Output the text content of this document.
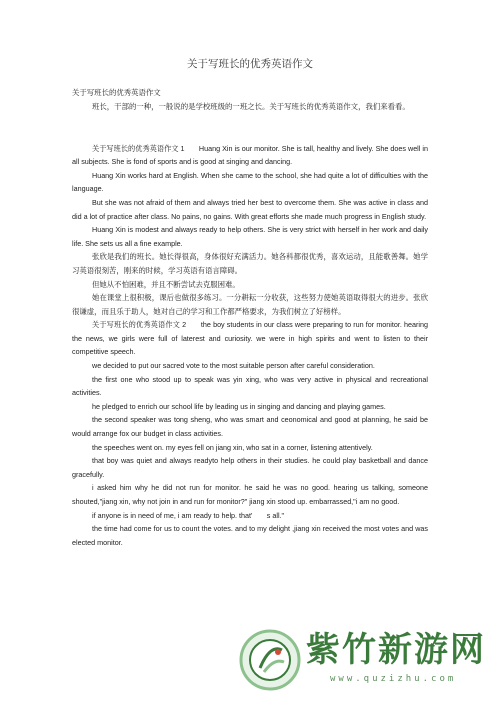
关于写班长的优秀英语作文

关于写班长的优秀英语作文

班长，干部的一种，一般说的是学校班级的一班之长。关于写班长的优秀英语作文，我们来看看。

关于写班长的优秀英语作文 1　　Huang Xin is our monitor. She is tall, healthy and lively. She does well in all subjects. She is fond of sports and is good at singing and dancing.

Huang Xin works hard at English. When she came to the school, she had quite a lot of difficulties with the language.

But she was not afraid of them and always tried her best to overcome them. She was active in class and did a lot of practice after class. No pains, no gains. With great efforts she made much progress in English study.

Huang Xin is modest and always ready to help others. She is very strict with herself in her work and daily life. She sets us all a fine example.

张欣是我们的班长。她长得很高，身体很好充满活力。她各科都很优秀，喜欢运动，且能歌善舞。她学习英语很刻苦，刚来的时候，学习英语有语言障碍。

但她从不怕困难，并且不断尝试去克服困难。

她在课堂上很积极，课后也做很多练习。一分耕耘一分收获，这些努力使她英语取得很大的进步。张欣很谦虚，而且乐于助人，她对自己的学习和工作都严格要求，为我们树立了好榜样。

关于写班长的优秀英语作文 2　　the boy students in our class were preparing to run for monitor. hearing the news, we girls were full of laterest and curiosity. we were in high spirits and went to listen to their competitive speech.

we decided to put our sacred vote to the most suitable person after careful consideration.

the first one who stood up to speak was yin xing, who was very active in physical and recreational activities.

he pledged to enrich our school life by leading us in singing and dancing and playing games.

the second speaker was tong sheng, who was smart and ceonomical and good at planning, he said be would arrange fox our budget in class activities.

the speeches went on. my eyes fell on jiang xin, who sat in a corner, listening attentively.

that boy was quiet and always readyto help others in their studies. he could play basketball and dance gracefully.

i asked him why he did not run for monitor. he said he was no good. hearing us talking, someone shouted,"jiang xin, why not join in and run for monitor?" jiang xin stood up. embarrassed,"i am no good.

if anyone is in need of me, i am ready to help. that'　　s all."

the time had come for us to count the votes. and to my delight ,jiang xin received the most votes and was elected monitor.

紫竹新游网
www.quzizhu.com
